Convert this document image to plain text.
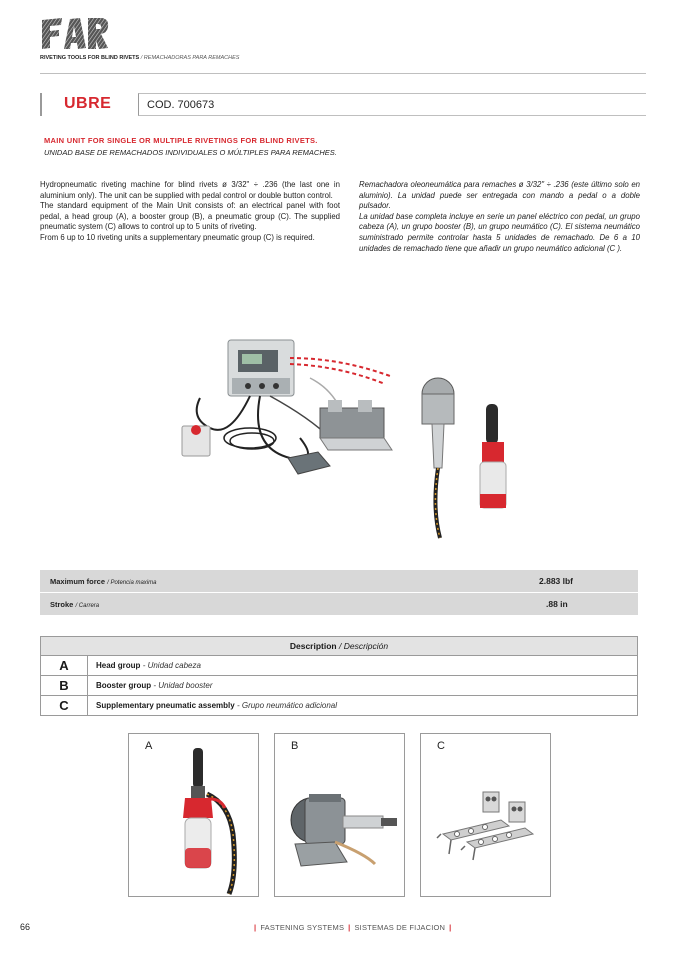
RIVETING TOOLS FOR BLIND RIVETS / REMACHADORAS PARA REMACHES
UBRE	COD. 700673
MAIN UNIT FOR SINGLE OR MULTIPLE RIVETINGS FOR BLIND RIVETS.
UNIDAD BASE DE REMACHADOS INDIVIDUALES O MÚLTIPLES PARA REMACHES.

Hydropneumatic riveting machine for blind rivets ø 3/32" ÷ .236 (the last one in aluminium only). The unit can be supplied with pedal control or double button control.

The standard equipment of the Main Unit consists of: an electrical panel with foot pedal, a head group (A), a booster group (B), a pneumatic group (C). The supplied pneumatic system (C) allows to control up to 5 units of riveting.

From 6 up to 10 riveting units a supplementary pneumatic group (C) is required.

Remachadora oleoneumática para remaches ø 3/32" ÷ .236 (este último solo en aluminio). La unidad puede ser entregada con mando a pedal o a doble pulsador.

La unidad base completa incluye en serie un panel eléctrico con pedal, un grupo cabeza (A), un grupo booster (B), un grupo neumático (C). El sistema neumático suministrado permite controlar hasta 5 unidades de remachado. De 6 a 10 unidades de remachado tiene que añadir un grupo neumático adicional (C ).

Maximum force / Potencia maxima	2.883 lbf
Stroke / Carrera	.88 in
Description / Descripción	
A	Head group - Unidad cabeza
B	Booster group - Unidad booster
C	Supplementary pneumatic assembly - Grupo neumático adicional
A	B	C
66	| FASTENING SYSTEMS | SISTEMAS DE FIJACION |
